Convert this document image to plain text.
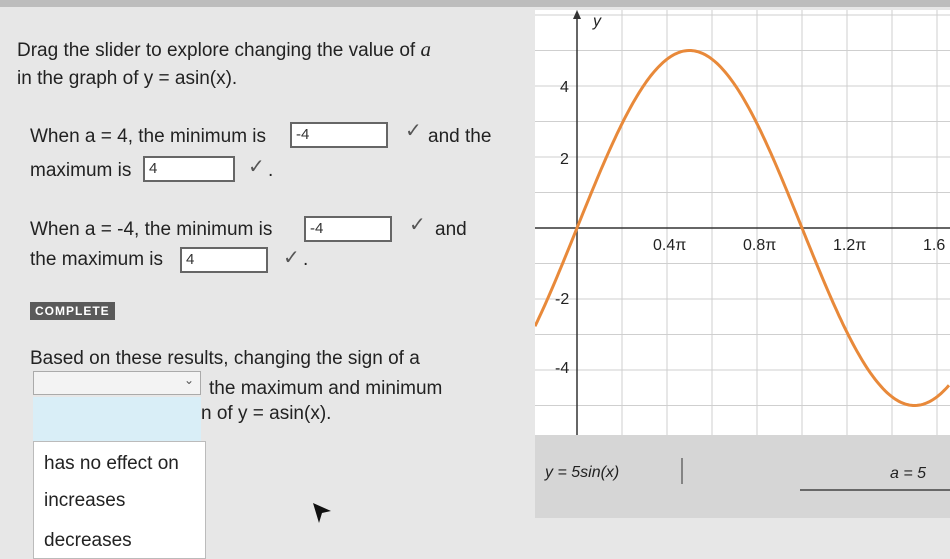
Drag the slider to explore changing the value of a
in the graph of y = asin(x).
When a = 4, the minimum is	-4	✓ and the
maximum is	4	✓ .
When a = -4, the minimum is	-4	✓ and
the maximum is	4	✓ .
COMPLETE
Based on these results, changing the sign of a
⌄ the maximum and minimum
n of y = asin(x).
has no effect on
increases
decreases
y
0.4π	0.8π	1.2π	1.6
4
2
-2
-4
y = 5sin(x)	a = 5
